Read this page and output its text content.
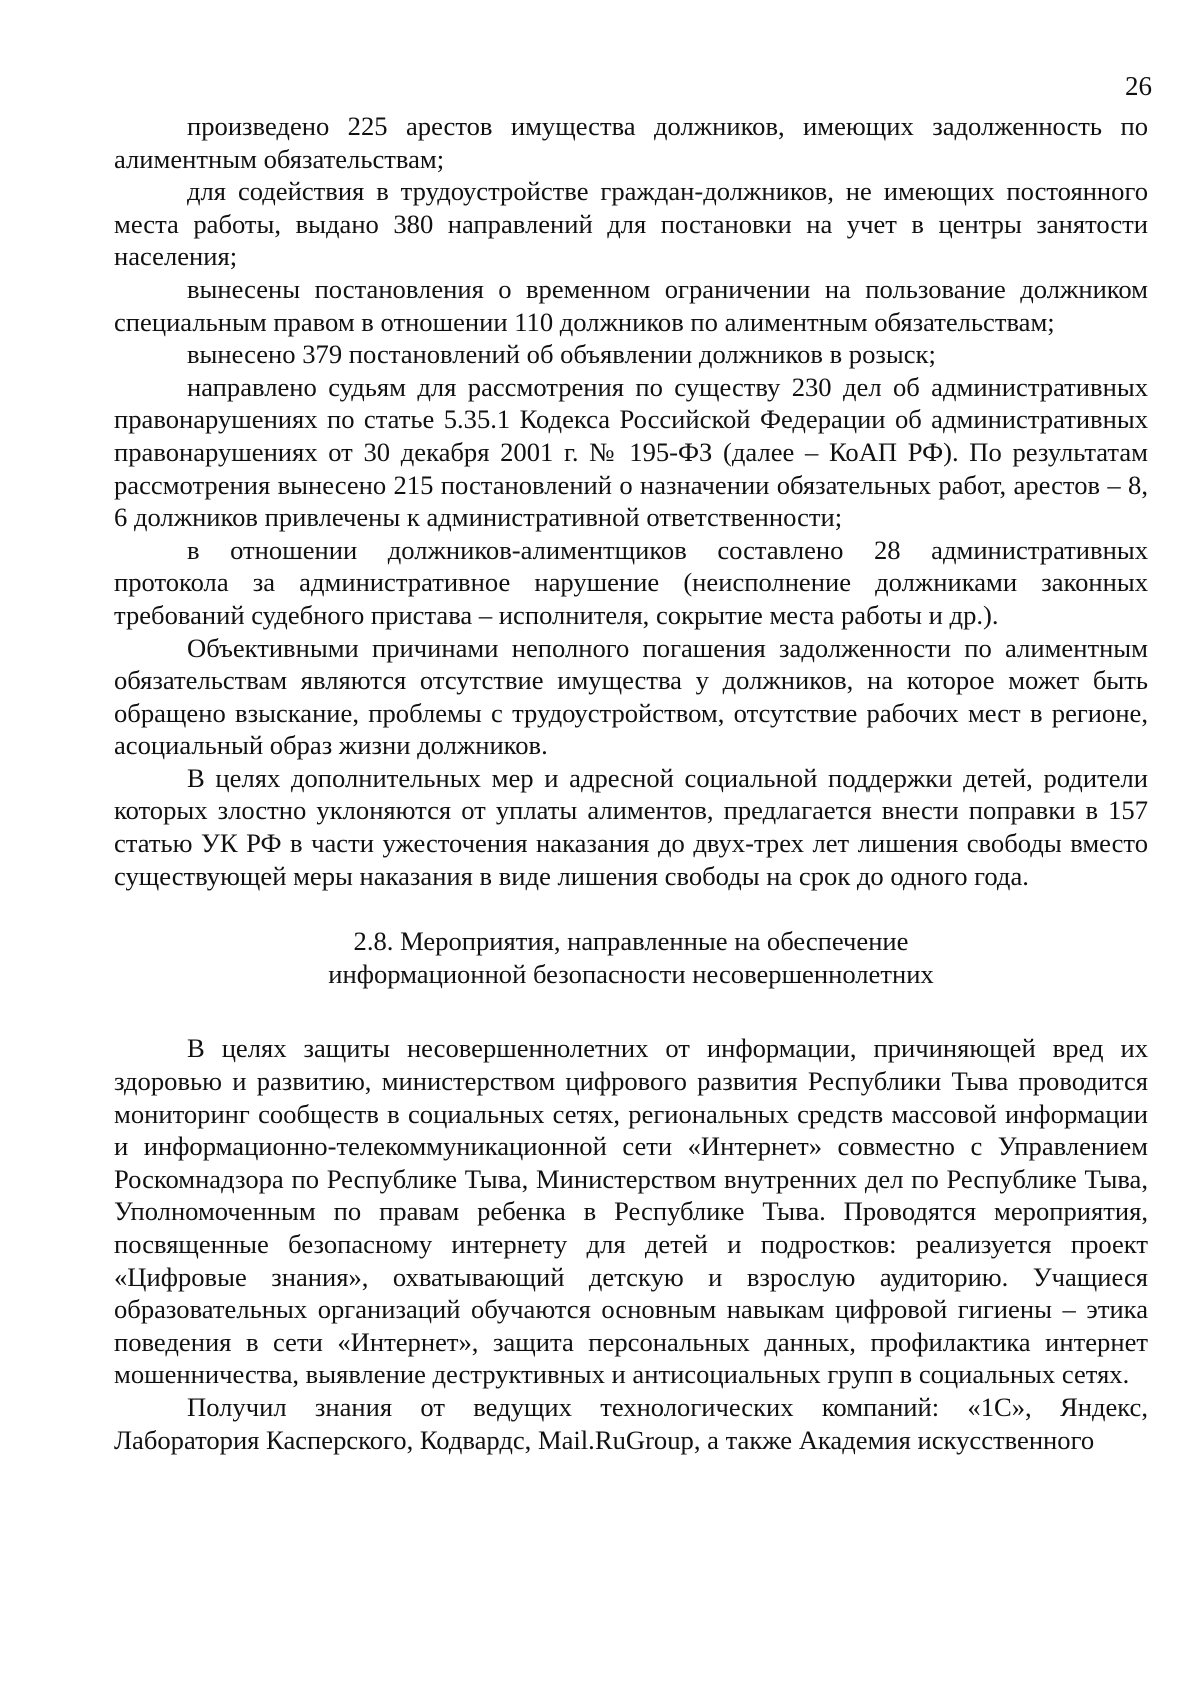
26

произведено 225 арестов имущества должников, имеющих задолженность по алиментным обязательствам;

для содействия в трудоустройстве граждан-должников, не имеющих постоянного места работы, выдано 380 направлений для постановки на учет в центры занятости населения;

вынесены постановления о временном ограничении на пользование должником специальным правом в отношении 110 должников по алиментным обязательствам;

вынесено 379 постановлений об объявлении должников в розыск;

направлено судьям для рассмотрения по существу 230 дел об административных правонарушениях по статье 5.35.1 Кодекса Российской Федерации об административных правонарушениях от 30 декабря 2001 г. № 195-ФЗ (далее – КоАП РФ). По результатам рассмотрения вынесено 215 постановлений о назначении обязательных работ, арестов – 8, 6 должников привлечены к административной ответственности;

в отношении должников-алиментщиков составлено 28 административных протокола за административное нарушение (неисполнение должниками законных требований судебного пристава – исполнителя, сокрытие места работы и др.).

Объективными причинами неполного погашения задолженности по алиментным обязательствам являются отсутствие имущества у должников, на которое может быть обращено взыскание, проблемы с трудоустройством, отсутствие рабочих мест в регионе, асоциальный образ жизни должников.

В целях дополнительных мер и адресной социальной поддержки детей, родители которых злостно уклоняются от уплаты алиментов, предлагается внести поправки в 157 статью УК РФ в части ужесточения наказания до двух-трех лет лишения свободы вместо существующей меры наказания в виде лишения свободы на срок до одного года.

2.8. Мероприятия, направленные на обеспечение
информационной безопасности несовершеннолетних

В целях защиты несовершеннолетних от информации, причиняющей вред их здоровью и развитию, министерством цифрового развития Республики Тыва проводится мониторинг сообществ в социальных сетях, региональных средств массовой информации и информационно-телекоммуникационной сети «Интернет» совместно с Управлением Роскомнадзора по Республике Тыва, Министерством внутренних дел по Республике Тыва, Уполномоченным по правам ребенка в Республике Тыва. Проводятся мероприятия, посвященные безопасному интернету для детей и подростков: реализуется проект «Цифровые знания», охватывающий детскую и взрослую аудиторию. Учащиеся образовательных организаций обучаются основным навыкам цифровой гигиены – этика поведения в сети «Интернет», защита персональных данных, профилактика интернет мошенничества, выявление деструктивных и антисоциальных групп в социальных сетях.

Получил знания от ведущих технологических компаний: «1С», Яндекс, Лаборатория Касперского, Кодвардс, Mail.RuGroup, а также Академия искусственного
